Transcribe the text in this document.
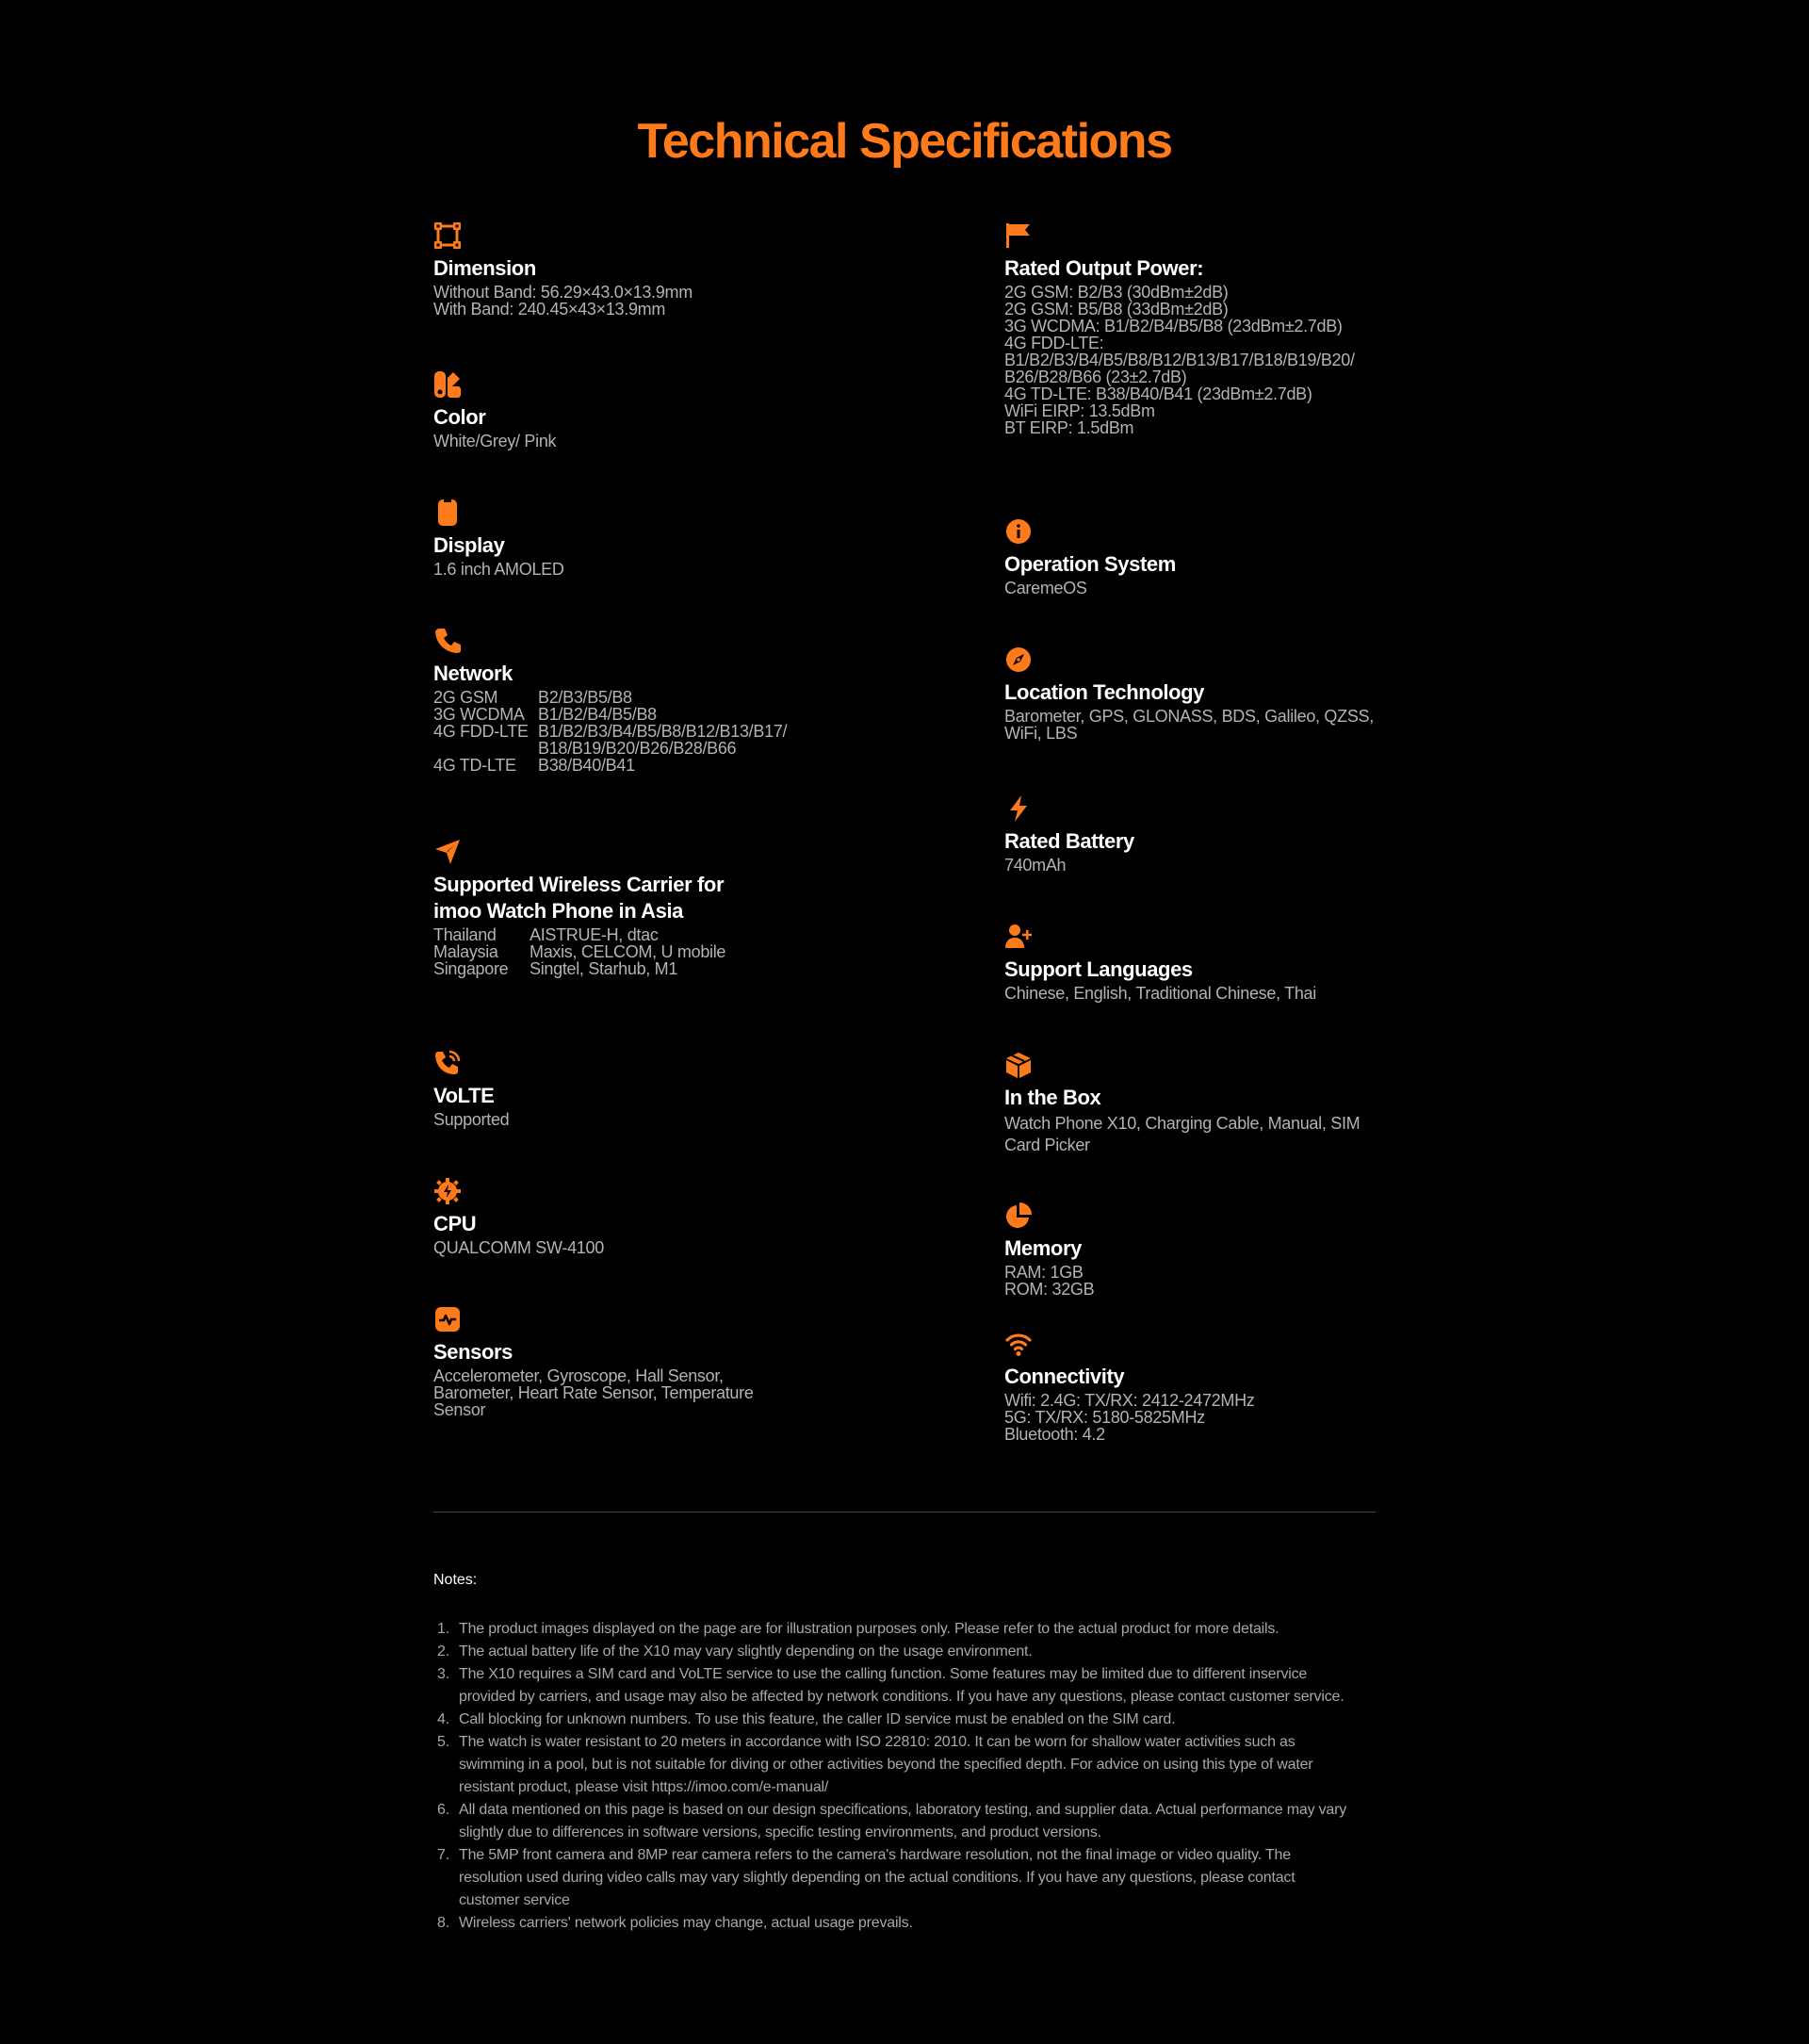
Technical Specifications
Dimension

Without Band: 56.29×43.0×13.9mm

With Band: 240.45×43×13.9mm

Color

White/Grey/ Pink

Display

1.6 inch AMOLED

Network
2G GSM	B2/B3/B5/B8
3G WCDMA B1/B2/B4/B5/B8
4G FDD-LTE B1/B2/B3/B4/B5/B8/B12/B13/B17/
B18/B19/B20/B26/B28/B66
4G TD-LTE	B38/B40/B41
Supported Wireless Carrier for
imoo Watch Phone in Asia
Thailand	AISTRUE-H, dtac
Malaysia	Maxis, CELCOM, U mobile
Singapore	Singtel, Starhub, M1
VoLTE

Supported

CPU

QUALCOMM SW-4100

Sensors

Accelerometer, Gyroscope, Hall Sensor,

Barometer, Heart Rate Sensor, Temperature

Sensor

Rated Output Power:

2G GSM: B2/B3 (30dBm±2dB)

2G GSM: B5/B8 (33dBm±2dB)

3G WCDMA: B1/B2/B4/B5/B8 (23dBm±2.7dB)

4G FDD-LTE:

B1/B2/B3/B4/B5/B8/B12/B13/B17/B18/B19/B20/

B26/B28/B66 (23±2.7dB)

4G TD-LTE: B38/B40/B41 (23dBm±2.7dB)

WiFi EIRP: 13.5dBm

BT EIRP: 1.5dBm

Operation System

CaremeOS

Location Technology

Barometer, GPS, GLONASS, BDS, Galileo, QZSS,

WiFi, LBS

Rated Battery

740mAh

Support Languages

Chinese, English, Traditional Chinese, Thai

In the Box

Watch Phone X10, Charging Cable, Manual, SIM

Card Picker

Memory

RAM: 1GB

ROM: 32GB

Connectivity

Wifi: 2.4G: TX/RX: 2412-2472MHz

5G: TX/RX: 5180-5825MHz

Bluetooth: 4.2

Notes:

1. The product images displayed on the page are for illustration purposes only. Please refer to the actual product for more details.
2. The actual battery life of the X10 may vary slightly depending on the usage environment.
3. The X10 requires a SIM card and VoLTE service to use the calling function. Some features may be limited due to different inservice
provided by carriers, and usage may also be affected by network conditions. If you have any questions, please contact customer service.
4. Call blocking for unknown numbers. To use this feature, the caller ID service must be enabled on the SIM card.
5. The watch is water resistant to 20 meters in accordance with ISO 22810: 2010. It can be worn for shallow water activities such as
swimming in a pool, but is not suitable for diving or other activities beyond the specified depth. For advice on using this type of water
resistant product, please visit https://imoo.com/e-manual/
6. All data mentioned on this page is based on our design specifications, laboratory testing, and supplier data. Actual performance may vary
slightly due to differences in software versions, specific testing environments, and product versions.
7. The 5MP front camera and 8MP rear camera refers to the camera's hardware resolution, not the final image or video quality. The
resolution used during video calls may vary slightly depending on the actual conditions. If you have any questions, please contact
customer service
8. Wireless carriers' network policies may change, actual usage prevails.
